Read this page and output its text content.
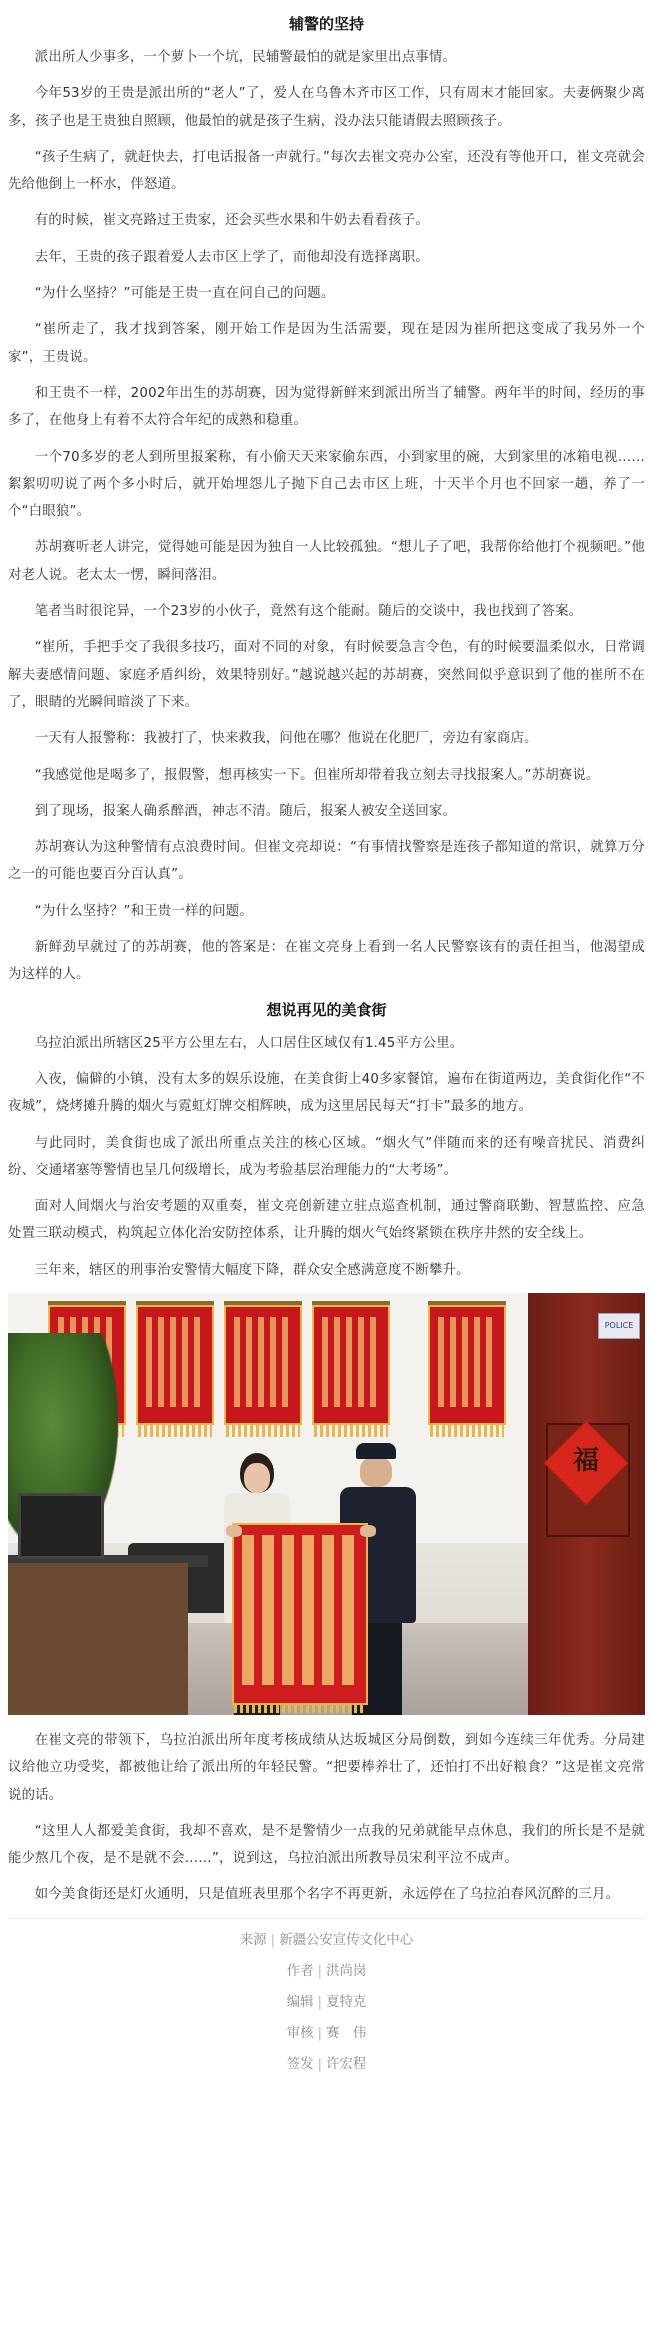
辅警的坚持

派出所人少事多，一个萝卜一个坑，民辅警最怕的就是家里出点事情。

今年53岁的王贵是派出所的“老人”了，爱人在乌鲁木齐市区工作，只有周末才能回家。夫妻俩聚少离多，孩子也是王贵独自照顾，他最怕的就是孩子生病，没办法只能请假去照顾孩子。

“孩子生病了，就赶快去，打电话报备一声就行。”每次去崔文亮办公室，还没有等他开口，崔文亮就会先给他倒上一杯水，伴怒道。

有的时候，崔文亮路过王贵家，还会买些水果和牛奶去看看孩子。

去年，王贵的孩子跟着爱人去市区上学了，而他却没有选择离职。

“为什么坚持？”可能是王贵一直在问自己的问题。

“崔所走了，我才找到答案，刚开始工作是因为生活需要，现在是因为崔所把这变成了我另外一个家”，王贵说。

和王贵不一样，2002年出生的苏胡赛，因为觉得新鲜来到派出所当了辅警。两年半的时间，经历的事多了，在他身上有着不太符合年纪的成熟和稳重。

一个70多岁的老人到所里报案称，有小偷天天来家偷东西，小到家里的碗，大到家里的冰箱电视……絮絮叨叨说了两个多小时后，就开始埋怨儿子抛下自己去市区上班，十天半个月也不回家一趟，养了一个“白眼狼”。

苏胡赛听老人讲完，觉得她可能是因为独自一人比较孤独。“想儿子了吧，我帮你给他打个视频吧。”他对老人说。老太太一愣，瞬间落泪。

笔者当时很诧异，一个23岁的小伙子，竟然有这个能耐。随后的交谈中，我也找到了答案。

“崔所，手把手交了我很多技巧，面对不同的对象，有时候要急言令色，有的时候要温柔似水，日常调解夫妻感情问题、家庭矛盾纠纷，效果特别好。”越说越兴起的苏胡赛，突然间似乎意识到了他的崔所不在了，眼睛的光瞬间暗淡了下来。

一天有人报警称：我被打了，快来救我，问他在哪？他说在化肥厂，旁边有家商店。

“我感觉他是喝多了，报假警，想再核实一下。但崔所却带着我立刻去寻找报案人。”苏胡赛说。

到了现场，报案人确系醉酒，神志不清。随后，报案人被安全送回家。

苏胡赛认为这种警情有点浪费时间。但崔文亮却说：“有事情找警察是连孩子都知道的常识，就算万分之一的可能也要百分百认真”。

“为什么坚持？”和王贵一样的问题。

新鲜劲早就过了的苏胡赛，他的答案是：在崔文亮身上看到一名人民警察该有的责任担当，他渴望成为这样的人。

想说再见的美食街

乌拉泊派出所辖区25平方公里左右，人口居住区域仅有1.45平方公里。

入夜，偏僻的小镇，没有太多的娱乐设施，在美食街上40多家餐馆，遍布在街道两边，美食街化作“不夜城”，烧烤摊升腾的烟火与霓虹灯牌交相辉映，成为这里居民每天“打卡”最多的地方。

与此同时，美食街也成了派出所重点关注的核心区域。“烟火气”伴随而来的还有噪音扰民、消费纠纷、交通堵塞等警情也呈几何级增长，成为考验基层治理能力的“大考场”。

面对人间烟火与治安考题的双重奏，崔文亮创新建立驻点巡查机制，通过警商联勤、智慧监控、应急处置三联动模式，构筑起立体化治安防控体系，让升腾的烟火气始终紧锁在秩序井然的安全线上。

三年来，辖区的刑事治安警情大幅度下降，群众安全感满意度不断攀升。

福
POLICE

在崔文亮的带领下，乌拉泊派出所年度考核成绩从达坂城区分局倒数，到如今连续三年优秀。分局建议给他立功受奖，都被他让给了派出所的年轻民警。“把要棒养壮了，还怕打不出好粮食？”这是崔文亮常说的话。

“这里人人都爱美食街，我却不喜欢，是不是警情少一点我的兄弟就能早点休息，我们的所长是不是就能少熬几个夜，是不是就不会……”，说到这，乌拉泊派出所教导员宋利平泣不成声。

如今美食街还是灯火通明，只是值班表里那个名字不再更新，永远停在了乌拉泊春风沉醉的三月。

来源 | 新疆公安宣传文化中心
作者 | 洪尚岗
编辑 | 夏特克
审核 | 赛　伟
签发 | 许宏程
